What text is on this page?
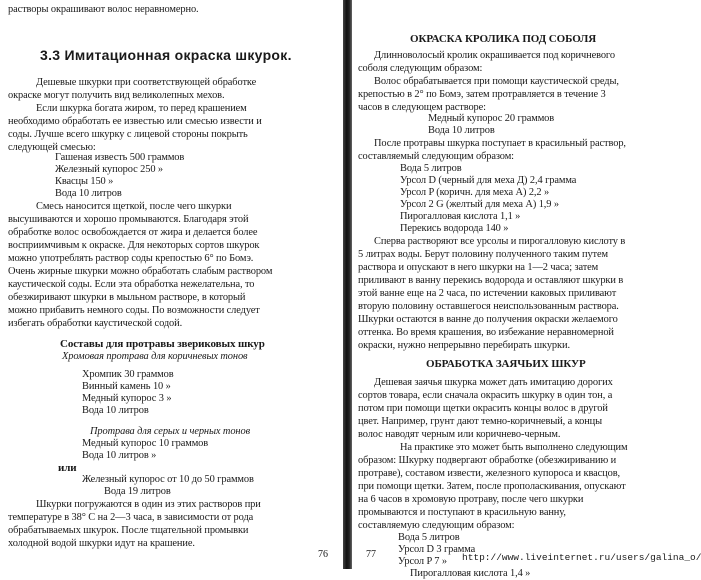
76
растворы окрашивают волос неравномерно.
3.3 Имитационная окраска шкурок.
Дешевые шкурки при соответствующей обработке
окраске могут получить вид великолепных мехов.
Если шкурка богата жиром, то перед крашением
необходимо обработать ее известью или смесью извести и
соды. Лучше всего шкурку с лицевой стороны покрыть
следующей смесью:
Гашеная известь 500 граммов
Железный купорос 250 »
Квасцы 150 »
Вода 10 литров
Смесь наносится щеткой, после чего шкурки
высушиваются и хорошо промываются. Благодаря этой
обработке волос освобождается от жира и делается более
восприимчивым к окраске. Для некоторых сортов шкурок
можно употреблять раствор соды крепостью 6° по Бомэ.
Очень жирные шкурки можно обработать слабым раствором
каустической соды. Если эта обработка нежелательна, то
обезжиривают шкурки в мыльном растворе, в который
можно прибавить немного соды. По возможности следует
избегать обработки каустической содой.
Составы для протравы звериковых шкур
Хромовая протрава для коричневых тонов
Хромпик 30 граммов
Винный камень 10 »
Медный купорос 3 »
Вода 10 литров
Протрава для серых и черных тонов
Медный купорос 10 граммов
Вода 10 литров »
или
Железный купорос от 10 до 50 граммов
Вода 19 литров
Шкурки погружаются в один из этих растворов при
температуре в 38° С на 2—3 часа, в зависимости от рода
обрабатываемых шкурок. После тщательной промывки
холодной водой шкурки идут на крашение.
77
ОКРАСКА КРОЛИКА ПОД СОБОЛЯ
Длинноволосый кролик окрашивается под коричневого
соболя следующим образом:
Волос обрабатывается при помощи каустической среды,
крепостью в 2° по Бомэ, затем протравляется в течение 3
часов в следующем растворе:
Медный купорос 20 граммов
Вода 10 литров
После протравы шкурка поступает в красильный раствор,
составляемый следующим образом:
Вода 5 литров
Урсол D (черный для меха Д) 2,4 грамма
Урсол P (коричн. для меха А) 2,2 »
Урсол 2 G (желтый для меха А) 1,9 »
Пирогалловая кислота 1,1 »
Перекись водорода 140 »
Сперва растворяют все урсолы и пирогалловую кислоту в
5 литрах воды. Берут половину полученного таким путем
раствора и опускают в него шкурки на 1—2 часа; затем
приливают в ванну перекись водорода и оставляют шкурки в
этой ванне еще на 2 часа, по истечении каковых приливают
вторую половину оставшегося неиспользованным раствора.
Шкурки остаются в ванне до получения окраски желаемого
оттенка. Во время крашения, во избежание неравномерной
окраски, нужно непрерывно перебирать шкурки.
ОБРАБОТКА ЗАЯЧЬИХ ШКУР
Дешевая заячья шкурка может дать имитацию дорогих
сортов товара, если сначала окрасить шкурку в один тон, а
потом при помощи щетки окрасить концы волос в другой
цвет. Например, грунт дают темно-коричневый, а концы
волос наводят черным или коричнево-черным.
На практике это может быть выполнено следующим
образом: Шкурку подвергают обработке (обезжириванию и
протраве), составом извести, железного купороса и квасцов,
при помощи щетки. Затем, после прополаскивания, опускают
на 6 часов в хромовую протраву, после чего шкурки
промываются и поступают в красильную ванну,
составляемую следующим образом:
Вода 5 литров
Урсол D 3 грамма
Урсол P 7 »
Пирогалловая кислота 1,4 »
http://www.liveinternet.ru/users/galina_o/
